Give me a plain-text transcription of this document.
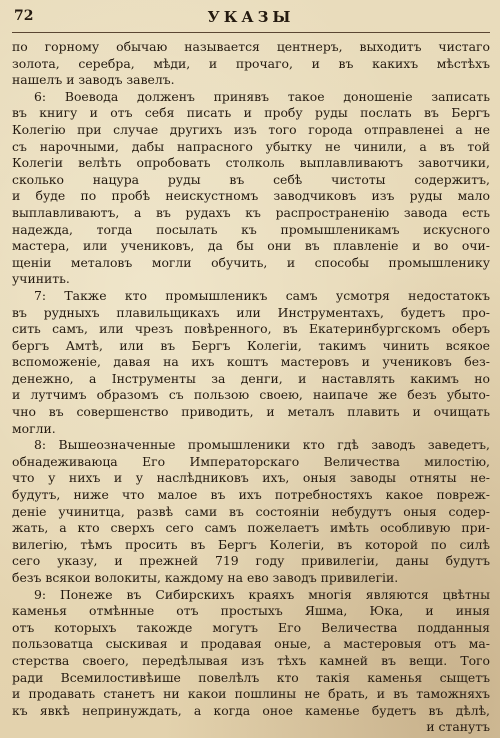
72	УКАЗЫ
по горному обычаю называется центнеръ, выходитъ чистаго
золота, серебра, мѣди, и прочаго, и въ какихъ мѣстѣхъ
нашелъ и заводъ завелъ.
6: Воевода долженъ принявъ такое доношеніе записать
въ книгу и отъ себя писать и пробу руды послать въ Бергъ
Колегію при случае другихъ изъ того города отправленei а не
съ нарочными, дабы напрасного убытку не чинили, а въ той
Колегіи велѣть опробовать столколь выплавливаютъ завотчики,
сколько нацура руды въ себѣ чистоты содержитъ,
и буде по пробѣ неискустномъ заводчиковъ изъ руды мало
выплавливаютъ, а въ рудахъ къ распространенію завода есть
надежда, тогда посылать къ промышленикамъ искусного
мастера, или учениковъ, да бы они въ плавленіе и во очи-
щеніи металовъ могли обучить, и способы промышленику
учинить.
7: Также кто промышленикъ самъ усмотря недостатокъ
въ рудныхъ плавильщикахъ или Инструментахъ, будетъ про-
сить самъ, или чрезъ повѣренного, въ Екатеринбургскомъ оберъ
бергъ Амтѣ, или въ Бергъ Колегіи, такимъ чинить всякое
вспоможеніе, давая на ихъ коштъ мастеровъ и учениковъ без-
денежно, а Інструменты за денги, и наставлять какимъ но
и лутчимъ образомъ съ пользою своею, наипаче же безъ убыто-
чно въ совершенство приводить, и металъ плавить и очищать
могли.
8: Вышеозначенные промышленики кто гдѣ заводъ заведетъ,
обнадеживаюца Его Императорскаго Величества милостію,
что у нихъ и у наслѣдниковъ ихъ, оныя заводы отняты не-
будутъ, ниже что малое въ ихъ потребностяхъ какое повреж-
деніе учинитца, развѣ сами въ состояніи небудутъ оныя содер-
жать, а кто сверхъ сего самъ пожелаетъ имѣть особливую при-
вилегію, тѣмъ просить въ Бергъ Колегіи, въ которой по силѣ
сего указу, и прежней 719 году привилегіи, даны будутъ
безъ всякои волокиты, каждому на ево заводъ привилегіи.
9: Понеже въ Сибирскихъ краяхъ многія являются цвѣтны
каменья отмѣнные отъ простыхъ Яшма, Юка, и иныя
отъ которыхъ такожде могутъ Его Величества подданныя
пользоватца сыскивая и продавая оные, а мастеровыя отъ ма-
стерства своего, передѣлывая изъ тѣхъ камней въ вещи. Того
ради Всемилостивѣише повелѣлъ кто такія каменья сыщетъ
и продавать станетъ ни какои пошлины не брать, и въ таможняхъ
къ явкѣ непринуждать, а когда оное каменье будетъ въ дѣлѣ,
и станутъ
